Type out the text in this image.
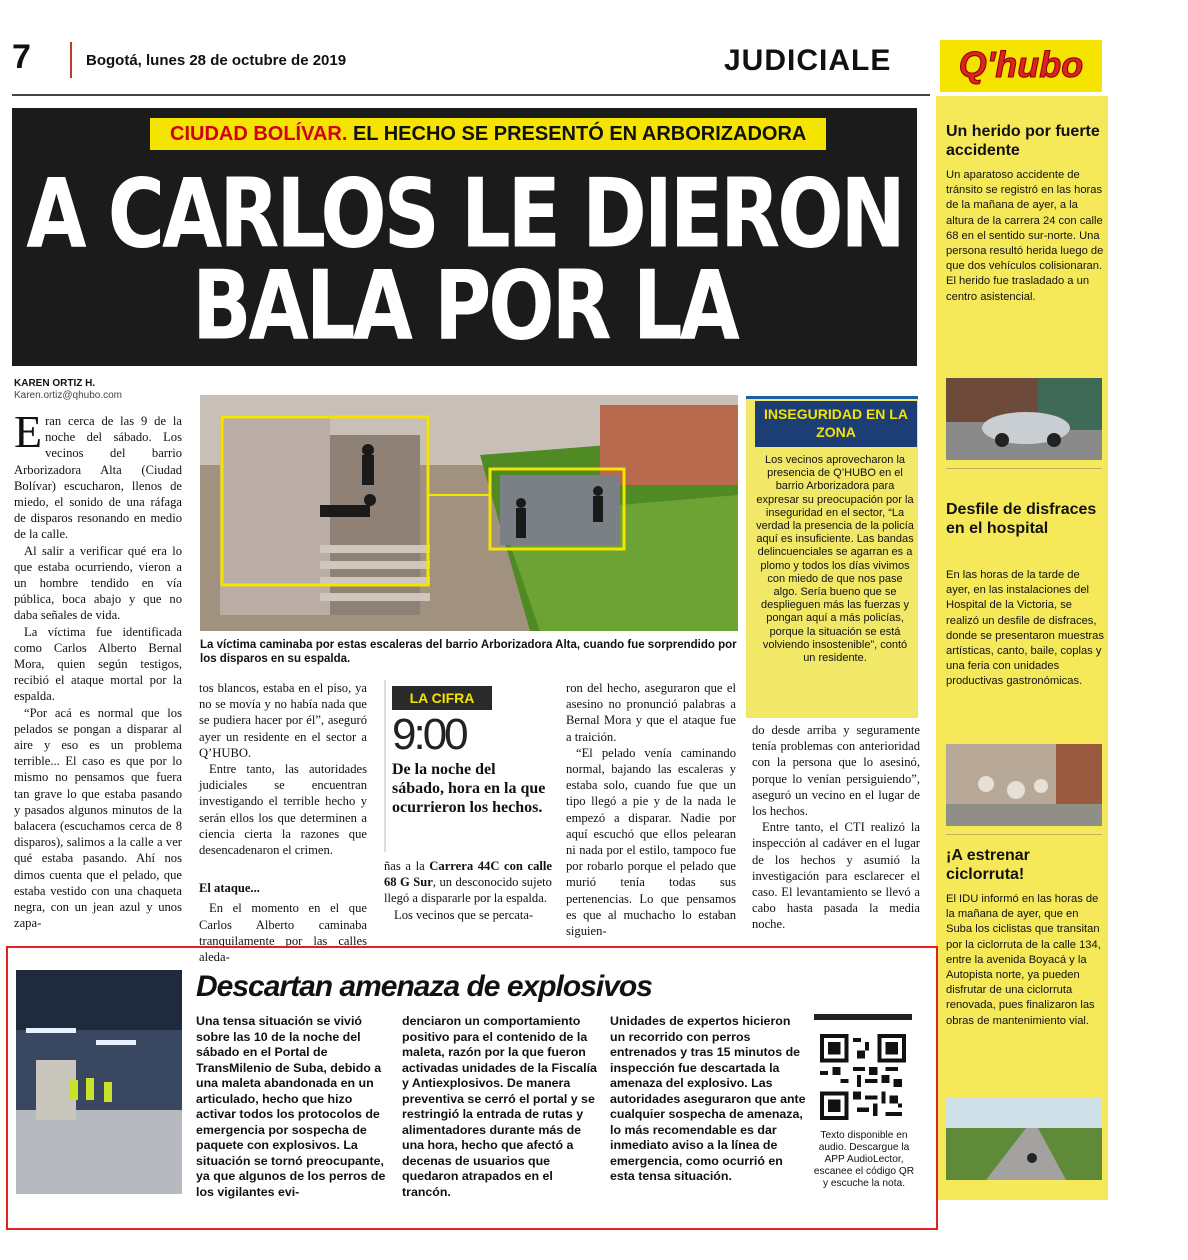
7	Bogotá, lunes 28 de octubre de 2019	JUDICIALE	Q'hubo
CIUDAD BOLÍVAR. EL HECHO SE PRESENTÓ EN ARBORIZADORA
A CARLOS LE DIERON
BALA POR LA
KAREN ORTIZ H.
Karen.ortiz@qhubo.com

Eran cerca de las 9 de la noche del sábado. Los vecinos del barrio Arborizadora Alta (Ciudad Bolívar) escucharon, llenos de miedo, el sonido de una ráfaga de disparos resonando en medio de la calle.

Al salir a verificar qué era lo que estaba ocurriendo, vieron a un hombre tendido en vía pública, boca abajo y que no daba señales de vida.

La víctima fue identificada como Carlos Alberto Bernal Mora, quien según testigos, recibió el ataque mortal por la espalda.

“Por acá es normal que los pelados se pongan a disparar al aire y eso es un problema terrible... El caso es que por lo mismo no pensamos que fuera tan grave lo que estaba pasando y pasados algunos minutos de la balacera (escuchamos cerca de 8 disparos), salimos a la calle a ver qué estaba pasando. Ahí nos dimos cuenta que el pelado, que estaba vestido con una chaqueta negra, con un jean azul y unos zapa-

La víctima caminaba por estas escaleras del barrio Arborizadora Alta, cuando fue sorprendido por los disparos en su espalda.
INSEGURIDAD EN LA ZONA
Los vecinos aprovecharon la presencia de Q’HUBO en el barrio Arborizadora para expresar su preocupación por la inseguridad en el sector, “La verdad la presencia de la policía aquí es insuficiente. Las bandas delincuenciales se agarran es a plomo y todos los días vivimos con miedo de que nos pase algo. Sería bueno que se desplieguen más las fuerzas y pongan aquí a más policías, porque la situación se está volviendo insostenible”, contó un residente.

tos blancos, estaba en el piso, ya no se movía y no había nada que se pudiera hacer por él”, aseguró ayer un residente en el sector a Q’HUBO.

Entre tanto, las autoridades judiciales se encuentran investigando el terrible hecho y serán ellos los que determinen a ciencia cierta la razones que desencadenaron el crimen.

El ataque...

En el momento en el que Carlos Alberto caminaba tranquilamente por las calles aleda-

LA CIFRA
9:00
De la noche del sábado, hora en la que ocurrieron los hechos.

ñas a la Carrera 44C con calle 68 G Sur, un desconocido sujeto llegó a dispararle por la espalda.

Los vecinos que se percata-

ron del hecho, aseguraron que el asesino no pronunció palabras a Bernal Mora y que el ataque fue a traición.

“El pelado venía caminando normal, bajando las escaleras y estaba solo, cuando fue que un tipo llegó a pie y de la nada le empezó a disparar. Nadie por aquí escuchó que ellos pelearan ni nada por el estilo, tampoco fue por robarlo porque el pelado que murió tenía todas sus pertenencias. Lo que pensamos es que al muchacho lo estaban siguien-

do desde arriba y seguramente tenía problemas con anterioridad con la persona que lo asesinó, porque lo venían persiguiendo”, aseguró un vecino en el lugar de los hechos.

Entre tanto, el CTI realizó la inspección al cadáver en el lugar de los hechos y asumió la investigación para esclarecer el caso. El levantamiento se llevó a cabo hasta pasada la media noche.

Un herido por fuerte accidente
Un aparatoso accidente de tránsito se registró en las horas de la mañana de ayer, a la altura de la carrera 24 con calle 68 en el sentido sur-norte. Una persona resultó herida luego de que dos vehículos colisionaran. El herido fue trasladado a un centro asistencial.
Desfile de disfraces en el hospital
En las horas de la tarde de ayer, en las instalaciones del Hospital de la Victoria, se realizó un desfile de disfraces, donde se presentaron muestras artísticas, canto, baile, coplas y una feria con unidades productivas gastronómicas.
¡A estrenar ciclorruta!
El IDU informó en las horas de la mañana de ayer, que en Suba los ciclistas que transitan por la ciclorruta de la calle 134, entre la avenida Boyacá y la Autopista norte, ya pueden disfrutar de una ciclorruta renovada, pues finalizaron las obras de mantenimiento vial.
Descartan amenaza de explosivos
Una tensa situación se vivió sobre las 10 de la noche del sábado en el Portal de TransMilenio de Suba, debido a una maleta abandonada en un articulado, hecho que hizo activar todos los protocolos de emergencia por sospecha de paquete con explosivos. La situación se tornó preocupante, ya que algunos de los perros de los vigilantes evi-
denciaron un comportamiento positivo para el contenido de la maleta, razón por la que fueron activadas unidades de la Fiscalía y Antiexplosivos. De manera preventiva se cerró el portal y se restringió la entrada de rutas y alimentadores durante más de una hora, hecho que afectó a decenas de usuarios que quedaron atrapados en el trancón.
Unidades de expertos hicieron un recorrido con perros entrenados y tras 15 minutos de inspección fue descartada la amenaza del explosivo. Las autoridades aseguraron que ante cualquier sospecha de amenaza, lo más recomendable es dar inmediato aviso a la línea de emergencia, como ocurrió en esta tensa situación.
Texto disponible en audio. Descargue la APP AudioLector, escanee el código QR y escuche la nota.
